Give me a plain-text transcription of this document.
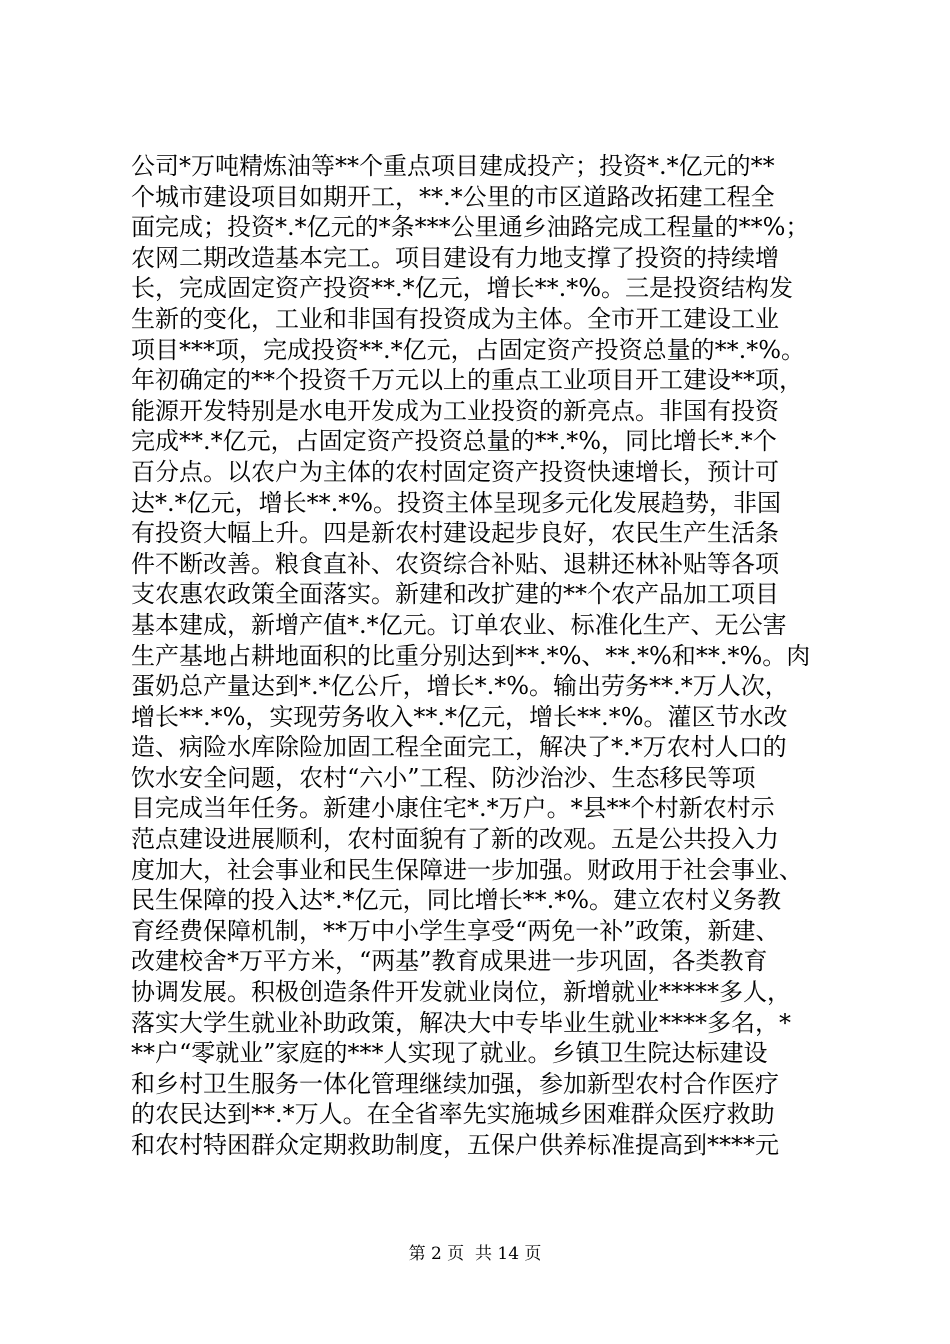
公司*万吨精炼油等**个重点项目建成投产；投资*.*亿元的**
个城市建设项目如期开工，**.*公里的市区道路改拓建工程全
面完成；投资*.*亿元的*条***公里通乡油路完成工程量的**%；
农网二期改造基本完工。项目建设有力地支撑了投资的持续增
长，完成固定资产投资**.*亿元，增长**.*%。三是投资结构发
生新的变化，工业和非国有投资成为主体。全市开工建设工业
项目***项，完成投资**.*亿元，占固定资产投资总量的**.*%。
年初确定的**个投资千万元以上的重点工业项目开工建设**项，
能源开发特别是水电开发成为工业投资的新亮点。非国有投资
完成**.*亿元，占固定资产投资总量的**.*%，同比增长*.*个
百分点。以农户为主体的农村固定资产投资快速增长，预计可
达*.*亿元，增长**.*%。投资主体呈现多元化发展趋势，非国
有投资大幅上升。四是新农村建设起步良好，农民生产生活条
件不断改善。粮食直补、农资综合补贴、退耕还林补贴等各项
支农惠农政策全面落实。新建和改扩建的**个农产品加工项目
基本建成，新增产值*.*亿元。订单农业、标准化生产、无公害
生产基地占耕地面积的比重分别达到**.*%、**.*%和**.*%。肉
蛋奶总产量达到*.*亿公斤，增长*.*%。输出劳务**.*万人次，
增长**.*%，实现劳务收入**.*亿元，增长**.*%。灌区节水改
造、病险水库除险加固工程全面完工，解决了*.*万农村人口的
饮水安全问题，农村“六小”工程、防沙治沙、生态移民等项
目完成当年任务。新建小康住宅*.*万户。*县**个村新农村示
范点建设进展顺利，农村面貌有了新的改观。五是公共投入力
度加大，社会事业和民生保障进一步加强。财政用于社会事业、
民生保障的投入达*.*亿元，同比增长**.*%。建立农村义务教
育经费保障机制，**万中小学生享受“两免一补”政策，新建、
改建校舍*万平方米，“两基”教育成果进一步巩固，各类教育
协调发展。积极创造条件开发就业岗位，新增就业*****多人，
落实大学生就业补助政策，解决大中专毕业生就业****多名，*
**户“零就业”家庭的***人实现了就业。乡镇卫生院达标建设
和乡村卫生服务一体化管理继续加强，参加新型农村合作医疗
的农民达到**.*万人。在全省率先实施城乡困难群众医疗救助
和农村特困群众定期救助制度，五保户供养标准提高到****元
第 2 页  共 14 页
